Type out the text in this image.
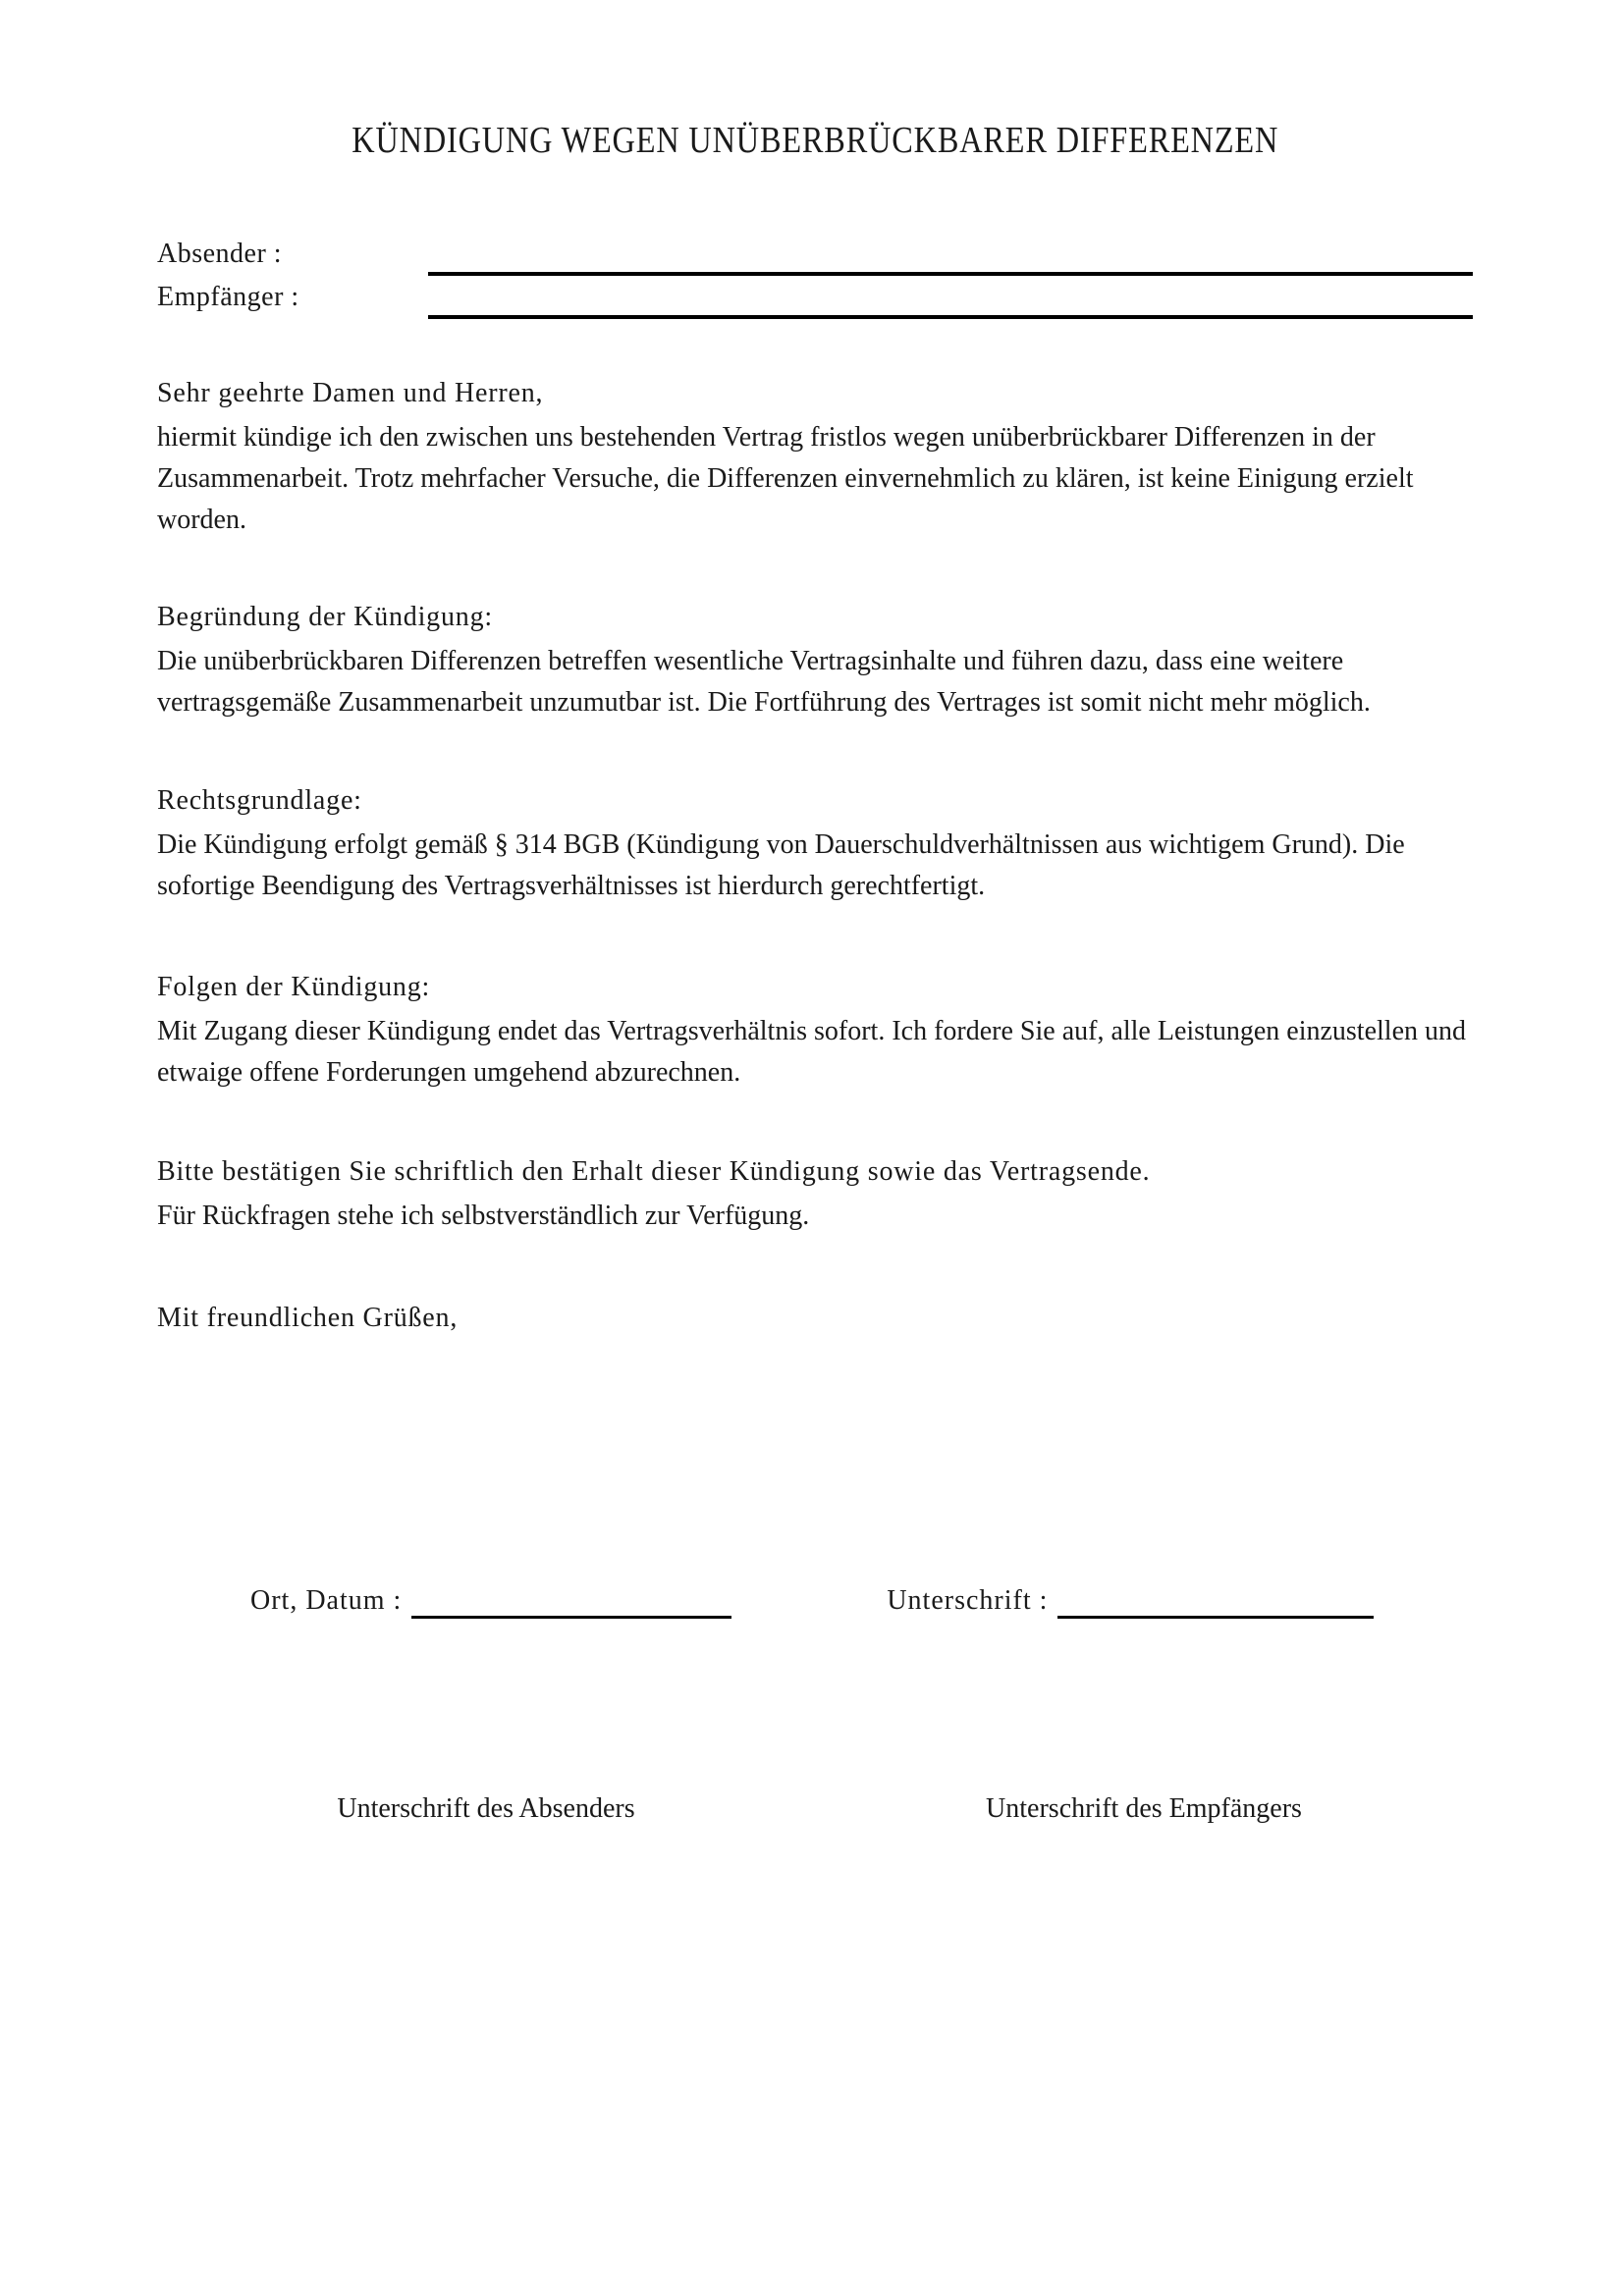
KÜNDIGUNG WEGEN UNÜBERBRÜCKBARER DIFFERENZEN
Absender :
Empfänger :

Sehr geehrte Damen und Herren,

hiermit kündige ich den zwischen uns bestehenden Vertrag fristlos wegen unüberbrückbarer Differenzen in der Zusammenarbeit. Trotz mehrfacher Versuche, die Differenzen einvernehmlich zu klären, ist keine Einigung erzielt worden.

Begründung der Kündigung:

Die unüberbrückbaren Differenzen betreffen wesentliche Vertragsinhalte und führen dazu, dass eine weitere vertragsgemäße Zusammenarbeit unzumutbar ist. Die Fortführung des Vertrages ist somit nicht mehr möglich.

Rechtsgrundlage:

Die Kündigung erfolgt gemäß § 314 BGB (Kündigung von Dauerschuldverhältnissen aus wichtigem Grund). Die sofortige Beendigung des Vertragsverhältnisses ist hierdurch gerechtfertigt.

Folgen der Kündigung:

Mit Zugang dieser Kündigung endet das Vertragsverhältnis sofort. Ich fordere Sie auf, alle Leistungen einzustellen und etwaige offene Forderungen umgehend abzurechnen.

Bitte bestätigen Sie schriftlich den Erhalt dieser Kündigung sowie das Vertragsende.

Für Rückfragen stehe ich selbstverständlich zur Verfügung.

Mit freundlichen Grüßen,

Ort, Datum :	Unterschrift :
Unterschrift des Absenders	Unterschrift des Empfängers
